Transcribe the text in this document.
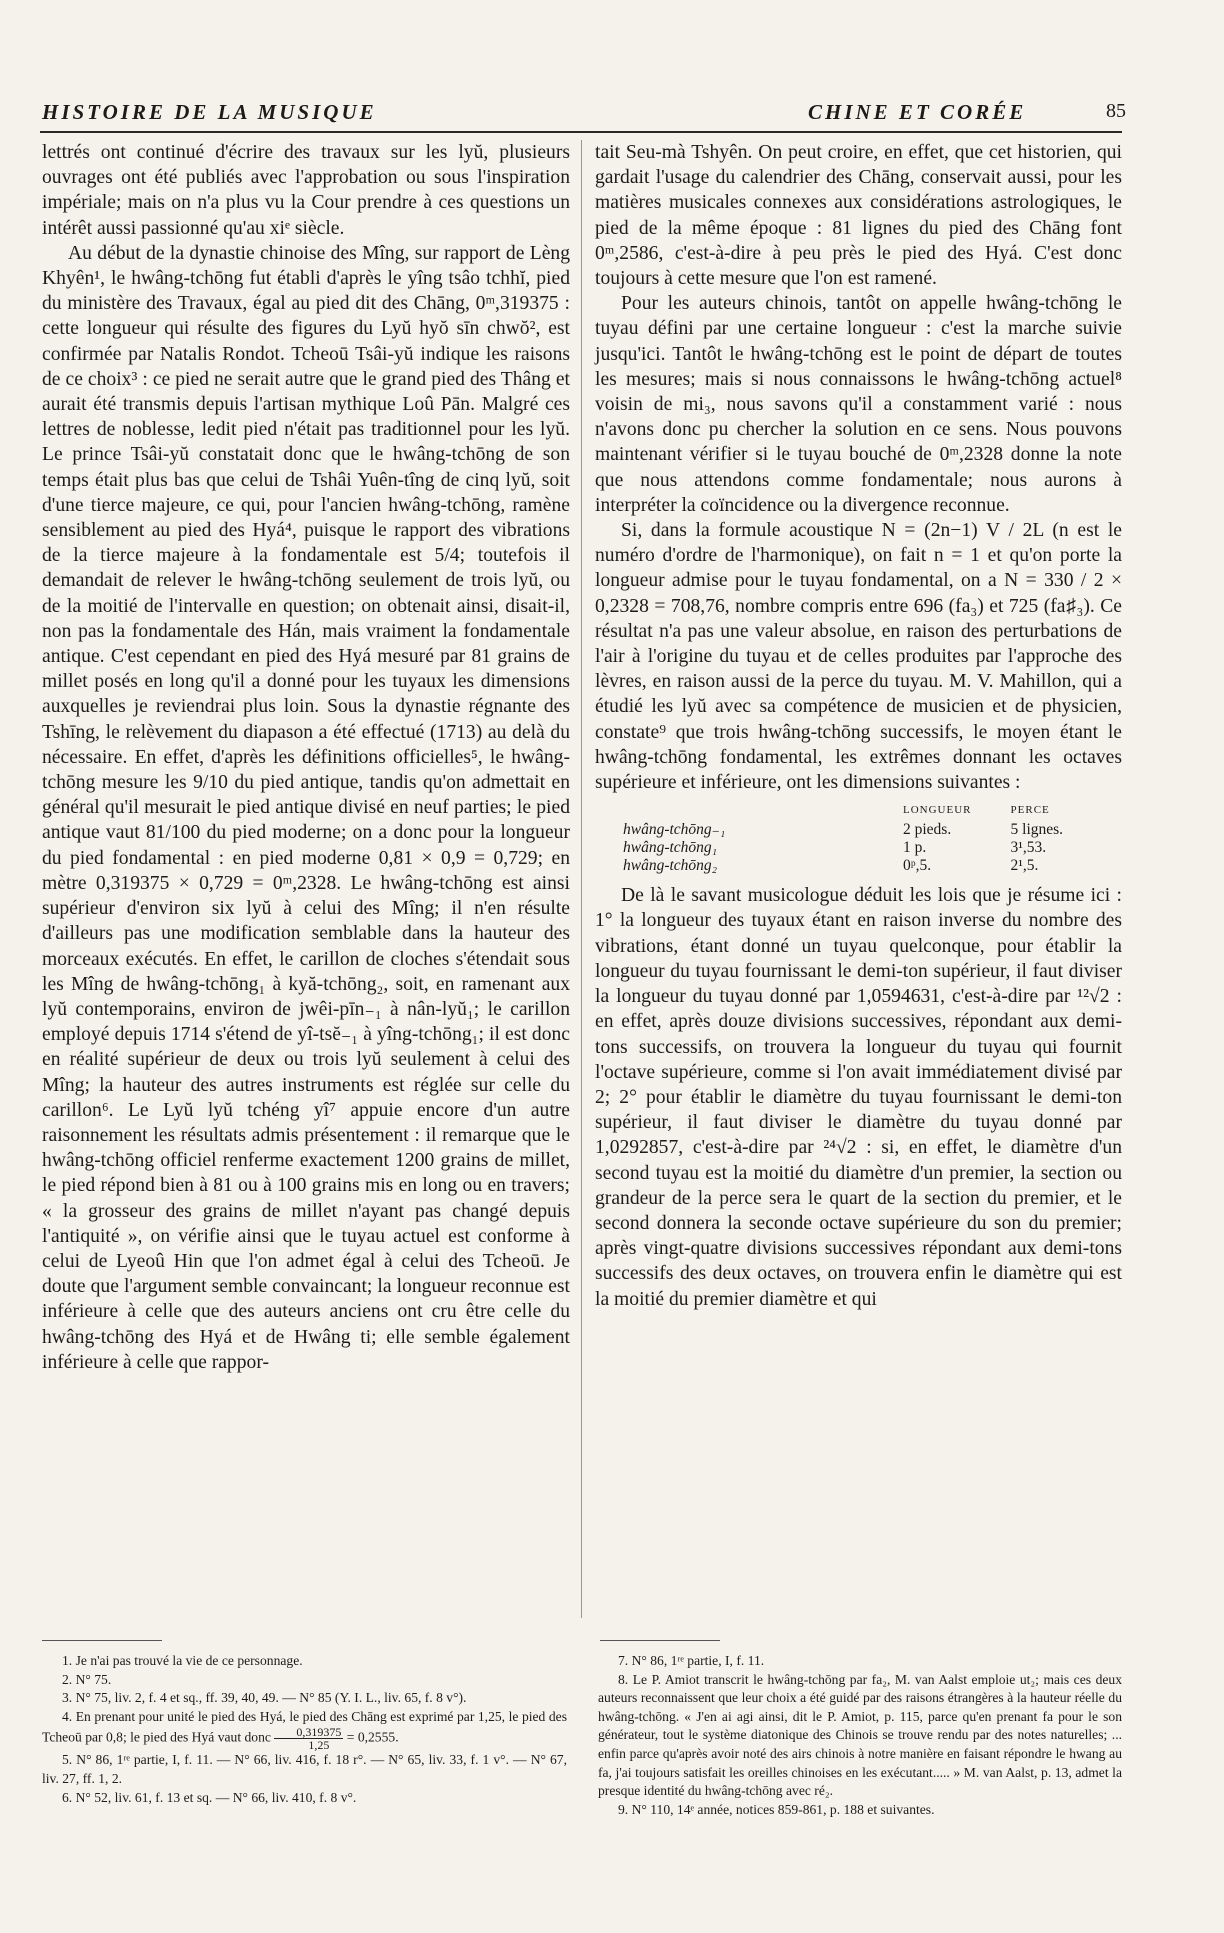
HISTOIRE DE LA MUSIQUE	CHINE ET CORÉE	85

lettrés ont continué d'écrire des travaux sur les lyŭ, plusieurs ouvrages ont été publiés avec l'approbation ou sous l'inspiration impériale; mais on n'a plus vu la Cour prendre à ces questions un intérêt aussi passionné qu'au xiᵉ siècle.

Au début de la dynastie chinoise des Mîng, sur rapport de Lèng Khyên¹, le hwâng-tchōng fut établi d'après le yîng tsâo tchhĭ, pied du ministère des Travaux, égal au pied dit des Chāng, 0ᵐ,319375 : cette longueur qui résulte des figures du Lyŭ hyŏ sīn chwŏ², est confirmée par Natalis Rondot. Tcheoū Tsâi-yŭ indique les raisons de ce choix³ : ce pied ne serait autre que le grand pied des Thâng et aurait été transmis depuis l'artisan mythique Loû Pān. Malgré ces lettres de noblesse, ledit pied n'était pas traditionnel pour les lyŭ. Le prince Tsâi-yŭ constatait donc que le hwâng-tchōng de son temps était plus bas que celui de Tshâi Yuên-tîng de cinq lyŭ, soit d'une tierce majeure, ce qui, pour l'ancien hwâng-tchōng, ramène sensiblement au pied des Hyá⁴, puisque le rapport des vibrations de la tierce majeure à la fondamentale est 5/4; toutefois il demandait de relever le hwâng-tchōng seulement de trois lyŭ, ou de la moitié de l'intervalle en question; on obtenait ainsi, disait-il, non pas la fondamentale des Hán, mais vraiment la fondamentale antique. C'est cependant en pied des Hyá mesuré par 81 grains de millet posés en long qu'il a donné pour les tuyaux les dimensions auxquelles je reviendrai plus loin. Sous la dynastie régnante des Tshīng, le relèvement du diapason a été effectué (1713) au delà du nécessaire. En effet, d'après les définitions officielles⁵, le hwâng-tchōng mesure les 9/10 du pied antique, tandis qu'on admettait en général qu'il mesurait le pied antique divisé en neuf parties; le pied antique vaut 81/100 du pied moderne; on a donc pour la longueur du pied fondamental : en pied moderne 0,81 × 0,9 = 0,729; en mètre 0,319375 × 0,729 = 0ᵐ,2328. Le hwâng-tchōng est ainsi supérieur d'environ six lyŭ à celui des Mîng; il n'en résulte d'ailleurs pas une modification semblable dans la hauteur des morceaux exécutés. En effet, le carillon de cloches s'étendait sous les Mîng de hwâng-tchōng₁ à kyă-tchōng₂, soit, en ramenant aux lyŭ contemporains, environ de jwêi-pīn₋₁ à nân-lyŭ₁; le carillon employé depuis 1714 s'étend de yî-tsĕ₋₁ à yîng-tchōng₁; il est donc en réalité supérieur de deux ou trois lyŭ seulement à celui des Mîng; la hauteur des autres instruments est réglée sur celle du carillon⁶. Le Lyŭ lyŭ tchéng yî⁷ appuie encore d'un autre raisonnement les résultats admis présentement : il remarque que le hwâng-tchōng officiel renferme exactement 1200 grains de millet, le pied répond bien à 81 ou à 100 grains mis en long ou en travers; « la grosseur des grains de millet n'ayant pas changé depuis l'antiquité », on vérifie ainsi que le tuyau actuel est conforme à celui de Lyeoû Hin que l'on admet égal à celui des Tcheoū. Je doute que l'argument semble convaincant; la longueur reconnue est inférieure à celle que des auteurs anciens ont cru être celle du hwâng-tchōng des Hyá et de Hwâng ti; elle semble également inférieure à celle que rappor-

tait Seu-mà Tshyên. On peut croire, en effet, que cet historien, qui gardait l'usage du calendrier des Chāng, conservait aussi, pour les matières musicales connexes aux considérations astrologiques, le pied de la même époque : 81 lignes du pied des Chāng font 0ᵐ,2586, c'est-à-dire à peu près le pied des Hyá. C'est donc toujours à cette mesure que l'on est ramené.

Pour les auteurs chinois, tantôt on appelle hwâng-tchōng le tuyau défini par une certaine longueur : c'est la marche suivie jusqu'ici. Tantôt le hwâng-tchōng est le point de départ de toutes les mesures; mais si nous connaissons le hwâng-tchōng actuel⁸ voisin de mi₃, nous savons qu'il a constamment varié : nous n'avons donc pu chercher la solution en ce sens. Nous pouvons maintenant vérifier si le tuyau bouché de 0ᵐ,2328 donne la note que nous attendons comme fondamentale; nous aurons à interpréter la coïncidence ou la divergence reconnue.

Si, dans la formule acoustique N = (2n−1) V / 2L (n est le numéro d'ordre de l'harmonique), on fait n = 1 et qu'on porte la longueur admise pour le tuyau fondamental, on a N = 330 / 2 × 0,2328 = 708,76, nombre compris entre 696 (fa₃) et 725 (fa♯₃). Ce résultat n'a pas une valeur absolue, en raison des perturbations de l'air à l'origine du tuyau et de celles produites par l'approche des lèvres, en raison aussi de la perce du tuyau. M. V. Mahillon, qui a étudié les lyŭ avec sa compétence de musicien et de physicien, constate⁹ que trois hwâng-tchōng successifs, le moyen étant le hwâng-tchōng fondamental, les extrêmes donnant les octaves supérieure et inférieure, ont les dimensions suivantes :

	LONGUEUR	PERCE
hwâng-tchōng₋₁	2 pieds.	5 lignes.
hwâng-tchōng₁	1 p.	3¹,53.
hwâng-tchōng₂	0ᵖ,5.	2¹,5.

De là le savant musicologue déduit les lois que je résume ici : 1° la longueur des tuyaux étant en raison inverse du nombre des vibrations, étant donné un tuyau quelconque, pour établir la longueur du tuyau fournissant le demi-ton supérieur, il faut diviser la longueur du tuyau donné par 1,0594631, c'est-à-dire par ¹²√2 : en effet, après douze divisions successives, répondant aux demi-tons successifs, on trouvera la longueur du tuyau qui fournit l'octave supérieure, comme si l'on avait immédiatement divisé par 2; 2° pour établir le diamètre du tuyau fournissant le demi-ton supérieur, il faut diviser le diamètre du tuyau donné par 1,0292857, c'est-à-dire par ²⁴√2 : si, en effet, le diamètre d'un second tuyau est la moitié du diamètre d'un premier, la section ou grandeur de la perce sera le quart de la section du premier, et le second donnera la seconde octave supérieure du son du premier; après vingt-quatre divisions successives répondant aux demi-tons successifs des deux octaves, on trouvera enfin le diamètre qui est la moitié du premier diamètre et qui

1. Je n'ai pas trouvé la vie de ce personnage.

2. N° 75.

3. N° 75, liv. 2, f. 4 et sq., ff. 39, 40, 49. — N° 85 (Y. I. L., liv. 65, f. 8 v°).

4. En prenant pour unité le pied des Hyá, le pied des Chāng est exprimé par 1,25, le pied des Tcheoū par 0,8; le pied des Hyá vaut donc $\frac{0,319375}{1,25} = 0,2555$.

5. N° 86, 1ʳᵉ partie, I, f. 11. — N° 66, liv. 416, f. 18 r°. — N° 65, liv. 33, f. 1 v°. — N° 67, liv. 27, ff. 1, 2.

6. N° 52, liv. 61, f. 13 et sq. — N° 66, liv. 410, f. 8 v°.

7. N° 86, 1ʳᵉ partie, I, f. 11.

8. Le P. Amiot transcrit le hwâng-tchōng par fa₂, M. van Aalst emploie ut₂; mais ces deux auteurs reconnaissent que leur choix a été guidé par des raisons étrangères à la hauteur réelle du hwâng-tchōng. « J'en ai agi ainsi, dit le P. Amiot, p. 115, parce qu'en prenant fa pour le son générateur, tout le système diatonique des Chinois se trouve rendu par des notes naturelles; ... enfin parce qu'après avoir noté des airs chinois à notre manière en faisant répondre le hwang au fa, j'ai toujours satisfait les oreilles chinoises en les exécutant..... » M. van Aalst, p. 13, admet la presque identité du hwâng-tchōng avec ré₂.

9. N° 110, 14ᵉ année, notices 859-861, p. 188 et suivantes.
